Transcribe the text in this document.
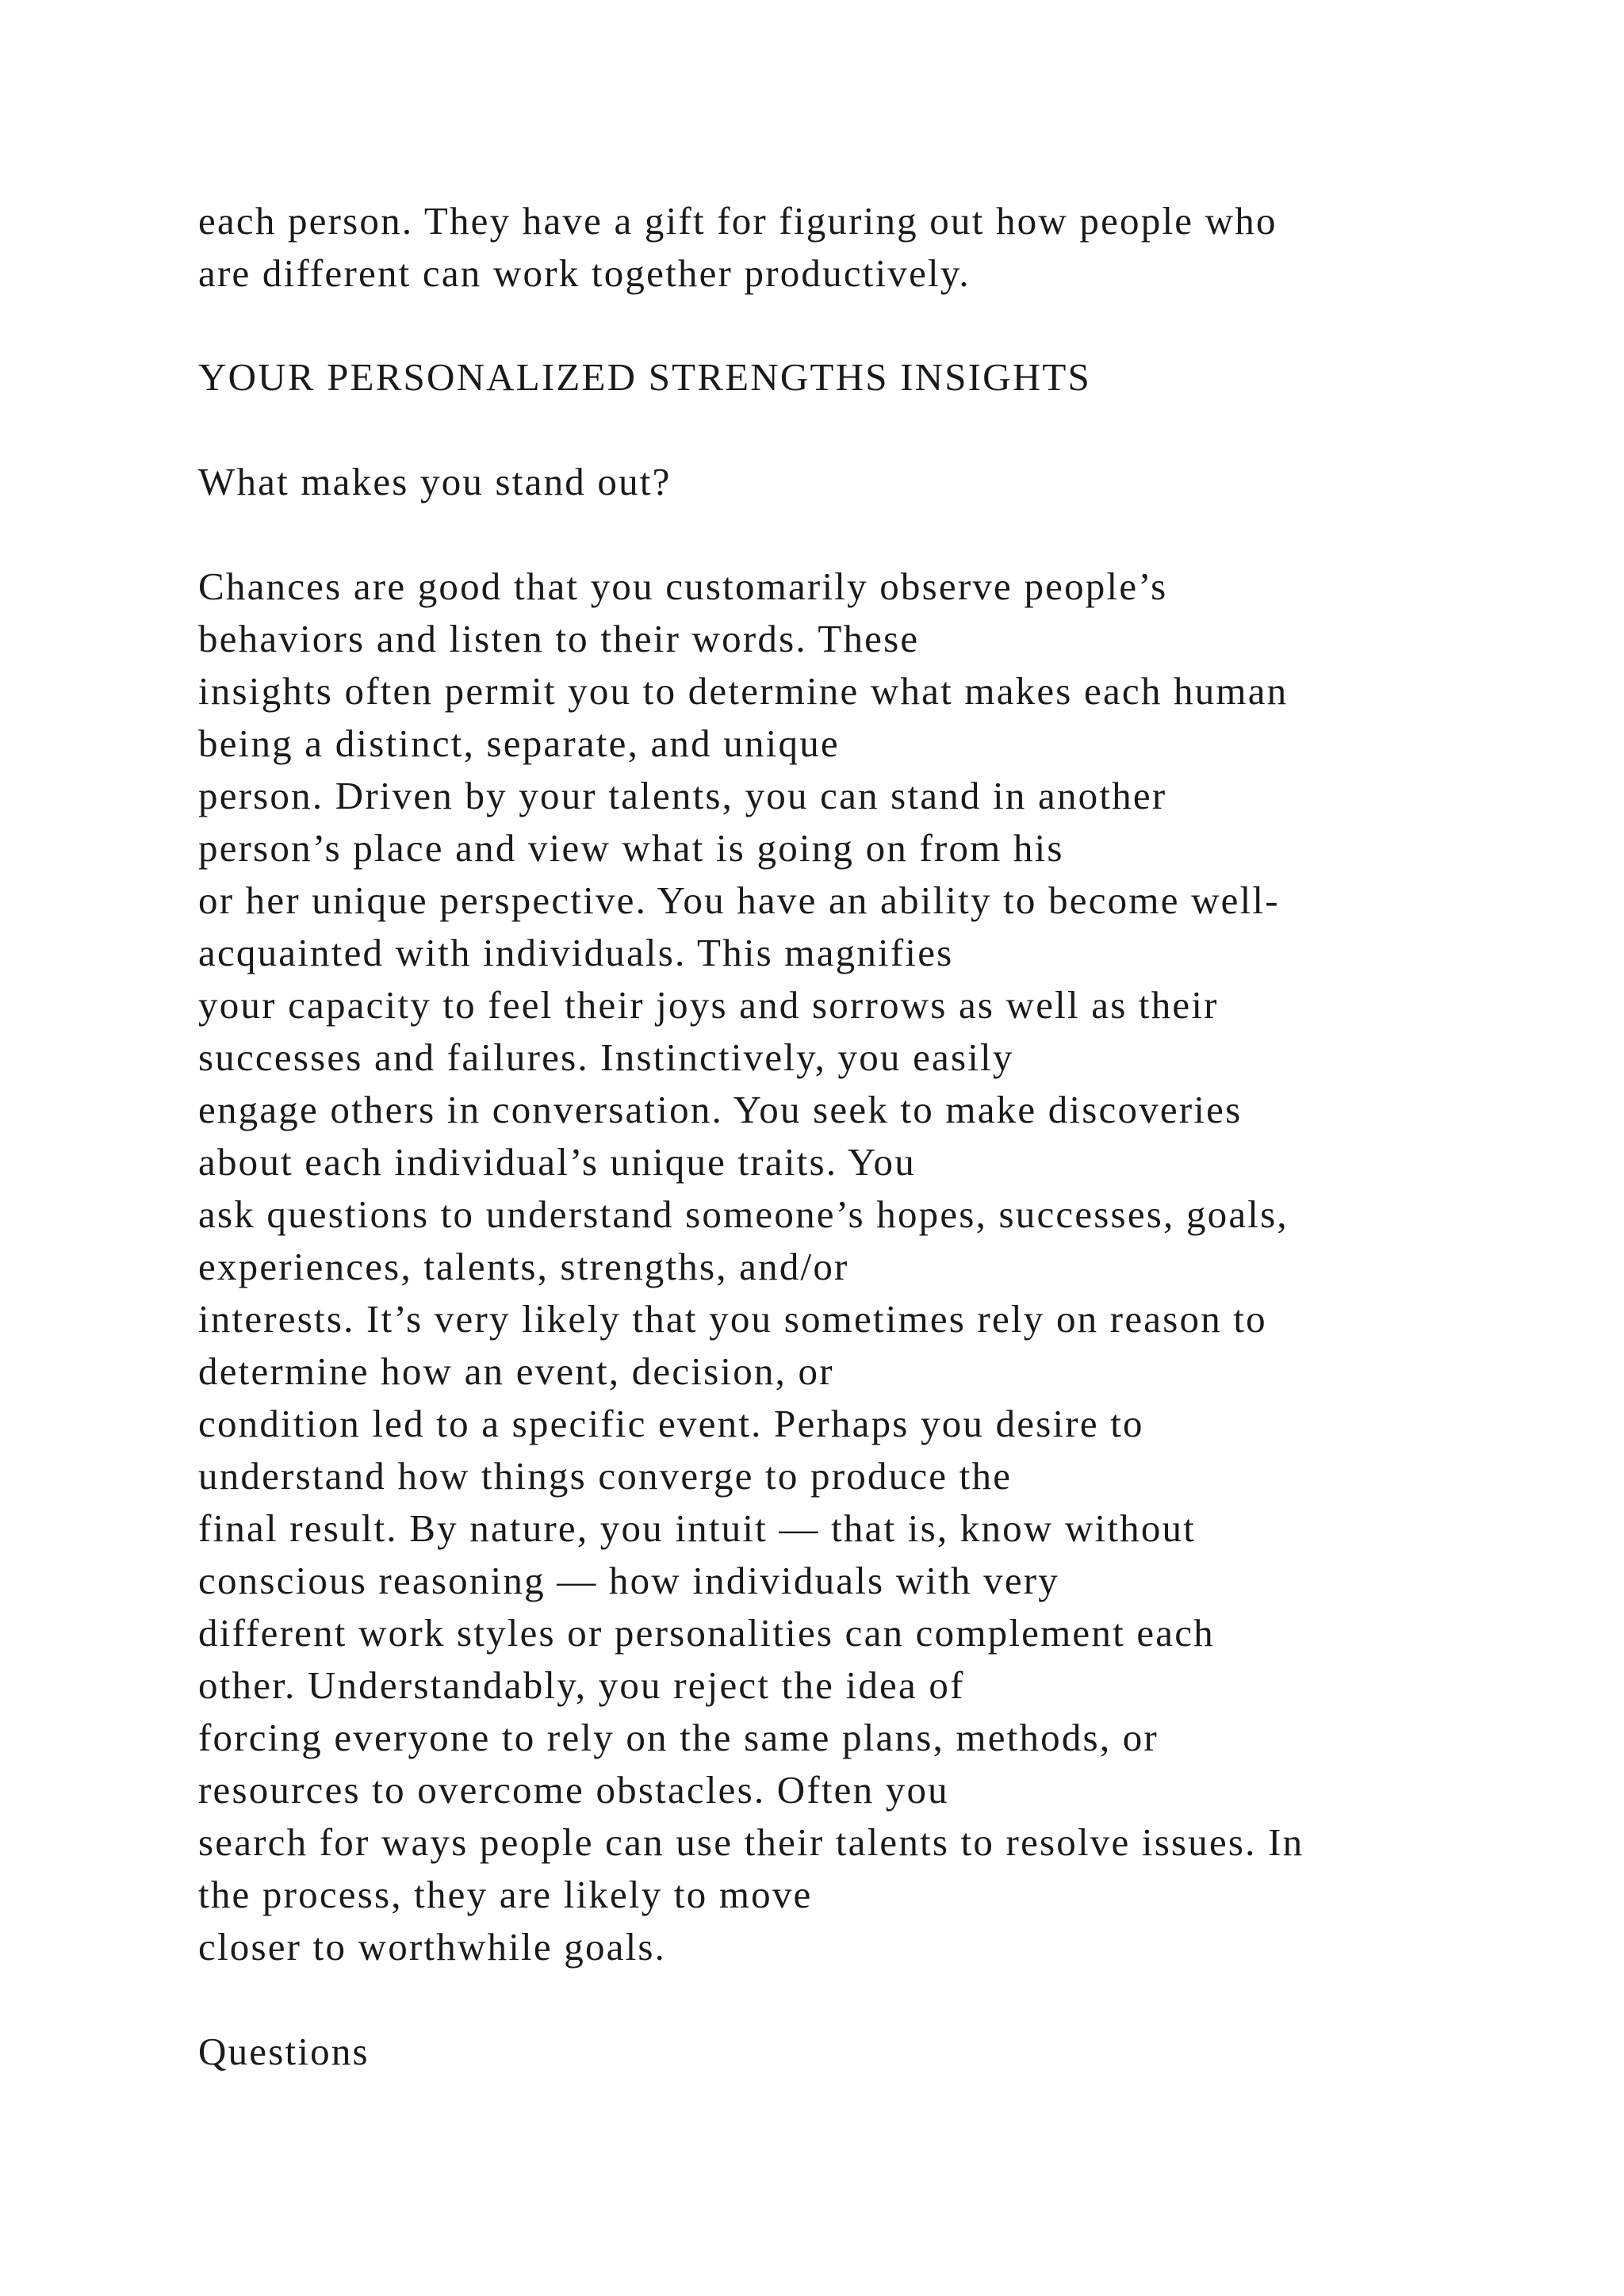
each person. They have a gift for figuring out how people who

are different can work together productively.

YOUR PERSONALIZED STRENGTHS INSIGHTS

What makes you stand out?

Chances are good that you customarily observe people’s

behaviors and listen to their words. These

insights often permit you to determine what makes each human

being a distinct, separate, and unique

person. Driven by your talents, you can stand in another

person’s place and view what is going on from his

or her unique perspective. You have an ability to become well-

acquainted with individuals. This magnifies

your capacity to feel their joys and sorrows as well as their

successes and failures. Instinctively, you easily

engage others in conversation. You seek to make discoveries

about each individual’s unique traits. You

ask questions to understand someone’s hopes, successes, goals,

experiences, talents, strengths, and/or

interests. It’s very likely that you sometimes rely on reason to

determine how an event, decision, or

condition led to a specific event. Perhaps you desire to

understand how things converge to produce the

final result. By nature, you intuit — that is, know without

conscious reasoning — how individuals with very

different work styles or personalities can complement each

other. Understandably, you reject the idea of

forcing everyone to rely on the same plans, methods, or

resources to overcome obstacles. Often you

search for ways people can use their talents to resolve issues. In

the process, they are likely to move

closer to worthwhile goals.

Questions
